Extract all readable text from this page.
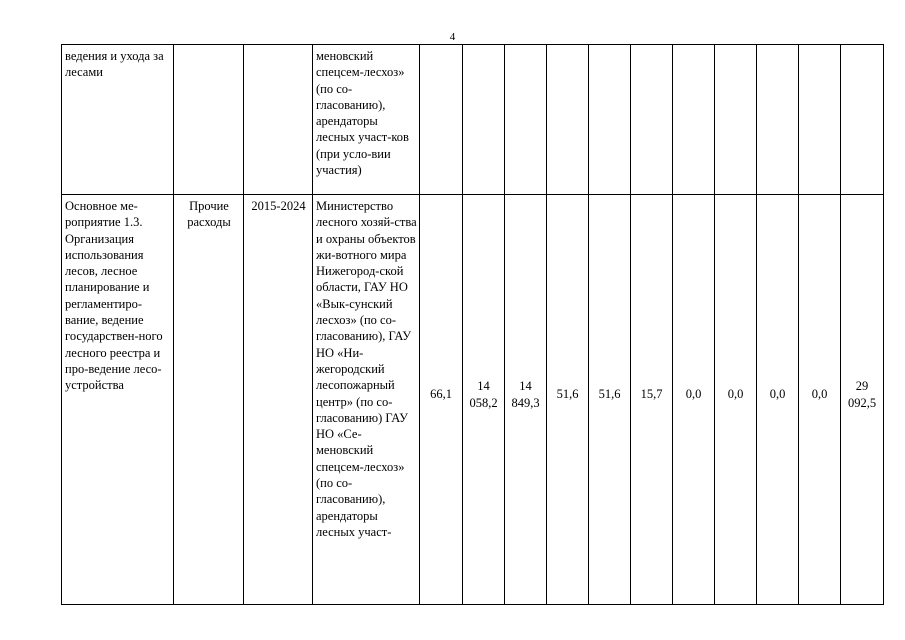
4
ведения и ухода за лесами			меновский спецсем-лесхоз» (по со-гласованию), арендаторы лесных участ-ков (при усло-вии участия)											
Основное ме-роприятие 1.3. Организация использования лесов, лесное планирование и регламентиро-вание, ведение государствен-ного лесного реестра и про-ведение лесо-устройства	Прочие расходы	2015-2024	Министерство лесного хозяй-ства и охраны объектов жи-вотного мира Нижегород-ской области, ГАУ НО «Вык-сунский лесхоз» (по со-гласованию), ГАУ НО «Ни-жегородский лесопожарный центр» (по со-гласованию) ГАУ НО «Се-меновский спецсем-лесхоз» (по со-гласованию), арендаторы лесных участ-	66,1	14 058,2	14 849,3	51,6	51,6	15,7	0,0	0,0	0,0	0,0	29 092,5
